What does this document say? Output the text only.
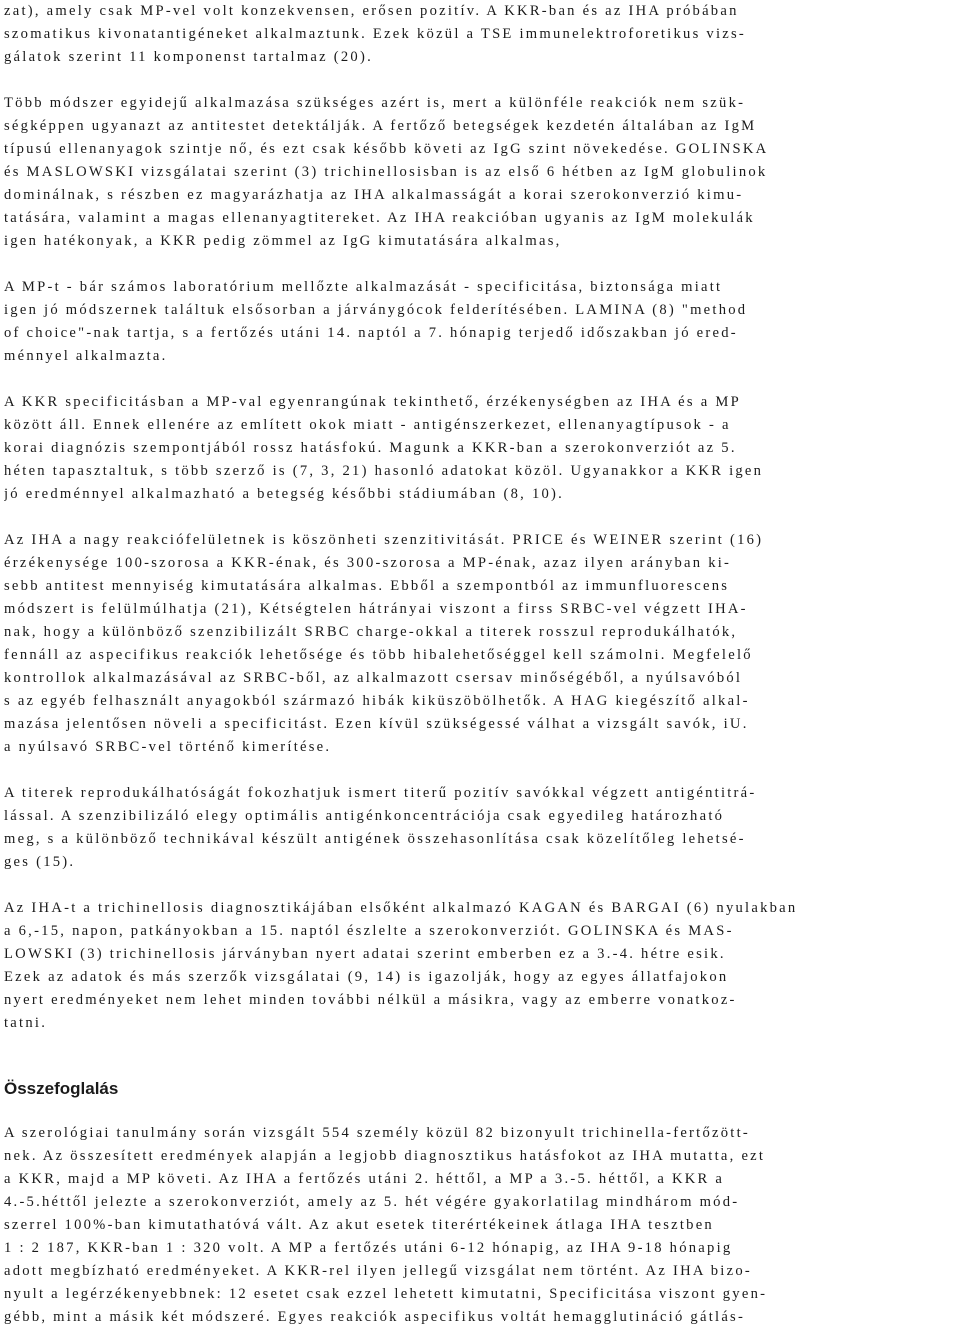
zat), amely csak MP-vel volt konzekvensen, erősen pozitív. A KKR-ban és az IHA próbában
szomatikus kivonatantigéneket alkalmaztunk. Ezek közül a TSE immunelektroforetikus vizs-
gálatok szerint 11 komponenst tartalmaz (20).
Több módszer egyidejű alkalmazása szükséges azért is, mert a különféle reakciók nem szük-
ségképpen ugyanazt az antitestet detektálják. A fertőző betegségek kezdetén általában az IgM
típusú ellenanyagok szintje nő, és ezt csak később követi az IgG szint növekedése. GOLINSKA
és MASLOWSKI vizsgálatai szerint (3) trichinellosisban is az első 6 hétben az IgM globulinok
dominálnak, s részben ez magyarázhatja az IHA alkalmasságát a korai szerokonverzió kimu-
tatására, valamint a magas ellenanyagtitereket. Az IHA reakcióban ugyanis az IgM molekulák
igen hatékonyak, a KKR pedig zömmel az IgG kimutatására alkalmas,
A MP-t - bár számos laboratórium mellőzte alkalmazását - specificitása, biztonsága miatt
igen jó módszernek találtuk elsősorban a járványgócok felderítésében. LAMINA (8) "method
of choice"-nak tartja, s a fertőzés utáni 14. naptól a 7. hónapig terjedő időszakban jó ered-
ménnyel alkalmazta.
A KKR specificitásban a MP-val egyenrangúnak tekinthető, érzékenységben az IHA és a MP
között áll. Ennek ellenére az említett okok miatt - antigénszerkezet, ellenanyagtípusok - a
korai diagnózis szempontjából rossz hatásfokú. Magunk a KKR-ban a szerokonverziót az 5.
héten tapasztaltuk, s több szerző is (7, 3, 21) hasonló adatokat közöl. Ugyanakkor a KKR igen
jó eredménnyel alkalmazható a betegség későbbi stádiumában (8, 10).
Az IHA a nagy reakciófelületnek is köszönheti szenzitivitását. PRICE és WEINER szerint (16)
érzékenysége 100-szorosa a KKR-énak, és 300-szorosa a MP-énak, azaz ilyen arányban ki-
sebb antitest mennyiség kimutatására alkalmas. Ebből a szempontból az immunfluorescens
módszert is felülmúlhatja (21), Kétségtelen hátrányai viszont a firss SRBC-vel végzett IHA-
nak, hogy a különböző szenzibilizált SRBC charge-okkal a titerek rosszul reprodukálhatók,
fennáll az aspecifikus reakciók lehetősége és több hibalehetőséggel kell számolni. Megfelelő
kontrollok alkalmazásával az SRBC-ből, az alkalmazott csersav minőségéből, a nyúlsavóból
s az egyéb felhasznált anyagokból származó hibák kiküszöbölhetők. A HAG kiegészítő alkal-
mazása jelentősen növeli a specificitást. Ezen kívül szükségessé válhat a vizsgált savók, iU.
a nyúlsavó SRBC-vel történő kimerítése.
A titerek reprodukálhatóságát fokozhatjuk ismert titerű pozitív savókkal végzett antigéntitrá-
lással. A szenzibilizáló elegy optimális antigénkoncentrációja csak egyedileg határozható
meg, s a különböző technikával készült antigének összehasonlítása csak közelítőleg lehetsé-
ges (15).
Az IHA-t a trichinellosis diagnosztikájában elsőként alkalmazó KAGAN és BARGAI (6) nyulakban
a 6,-15, napon, patkányokban a 15. naptól észlelte a szerokonverziót. GOLINSKA és MAS-
LOWSKI (3) trichinellosis járványban nyert adatai szerint emberben ez a 3.-4. hétre esik.
Ezek az adatok és más szerzők vizsgálatai (9, 14) is igazolják, hogy az egyes állatfajokon
nyert eredményeket nem lehet minden további nélkül a másikra, vagy az emberre vonatkoz-
tatni.
Összefoglalás
A szerológiai tanulmány során vizsgált 554 személy közül 82 bizonyult trichinella-fertőzött-
nek. Az összesített eredmények alapján a legjobb diagnosztikus hatásfokot az IHA mutatta, ezt
a KKR, majd a MP követi. Az IHA a fertőzés utáni 2. héttől, a MP a 3.-5. héttől, a KKR a
4.-5.héttől jelezte a szerokonverziót, amely az 5. hét végére gyakorlatilag mindhárom mód-
szerrel 100%-ban kimutathatóvá vált. Az akut esetek titerértékeinek átlaga IHA tesztben
1 : 2 187, KKR-ban 1 : 320 volt. A MP a fertőzés utáni 6-12 hónapig, az IHA 9-18 hónapig
adott megbízható eredményeket. A KKR-rel ilyen jellegű vizsgálat nem történt. Az IHA bizo-
nyult a legérzékenyebbnek: 12 esetet csak ezzel lehetett kimutatni, Specificitása viszont gyen-
gébb, mint a másik két módszeré. Egyes reakciók aspecifikus voltát hemagglutináció gátlás-
